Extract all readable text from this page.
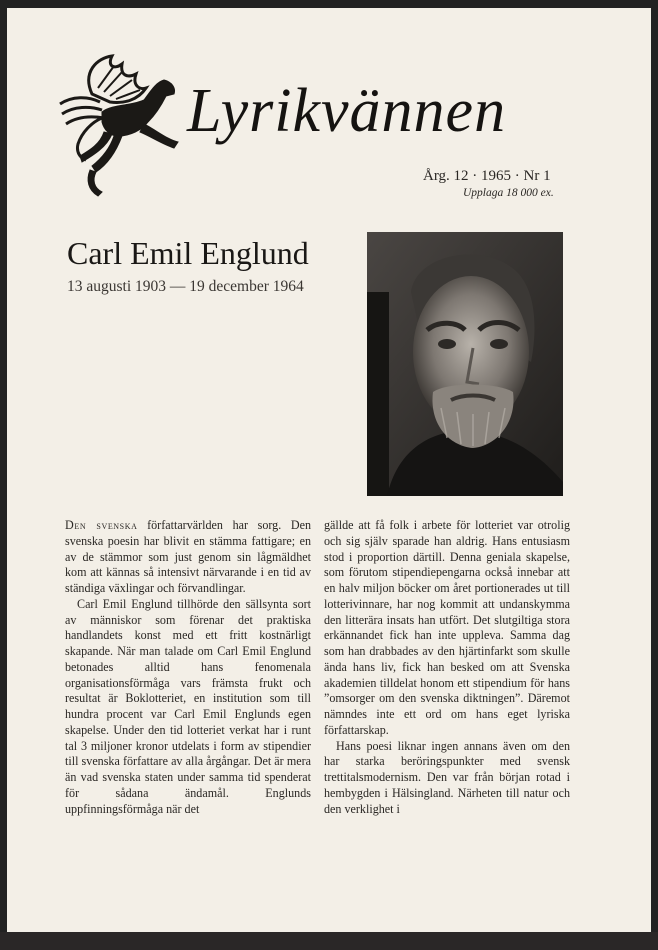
Lyrikvännen
Årg. 12 · 1965 · Nr 1
Upplaga 18 000 ex.
Carl Emil Englund
13 augusti 1903 — 19 december 1964

Den svenska författarvärlden har sorg. Den svenska poesin har blivit en stämma fattigare; en av de stämmor som just genom sin lågmäldhet kom att kännas så intensivt närvarande i en tid av ständiga växlingar och förvandlingar.

Carl Emil Englund tillhörde den sällsynta sort av människor som förenar det praktiska handlandets konst med ett fritt kostnärligt skapande. När man talade om Carl Emil Englund betonades alltid hans fenomenala organisationsförmåga vars främsta frukt och resultat är Boklotteriet, en institution som till hundra procent var Carl Emil Englunds egen skapelse. Under den tid lotteriet verkat har i runt tal 3 miljoner kronor utdelats i form av stipendier till svenska författare av alla årgångar. Det är mera än vad svenska staten under samma tid spenderat för sådana ändamål. Englunds uppfinningsförmåga när det

gällde att få folk i arbete för lotteriet var otrolig och sig själv sparade han aldrig. Hans entusiasm stod i proportion därtill. Denna geniala skapelse, som förutom stipendiepengarna också innebar att en halv miljon böcker om året portionerades ut till lotterivinnare, har nog kommit att undanskymma den litterära insats han utfört. Det slutgiltiga stora erkännandet fick han inte uppleva. Samma dag som han drabbades av den hjärtinfarkt som skulle ända hans liv, fick han besked om att Svenska akademien tilldelat honom ett stipendium för hans ”omsorger om den svenska diktningen”. Däremot nämndes inte ett ord om hans eget lyriska författarskap.

Hans poesi liknar ingen annans även om den har starka beröringspunkter med svensk trettitalsmodernism. Den var från början rotad i hembygden i Hälsingland. Närheten till natur och den verklighet i
